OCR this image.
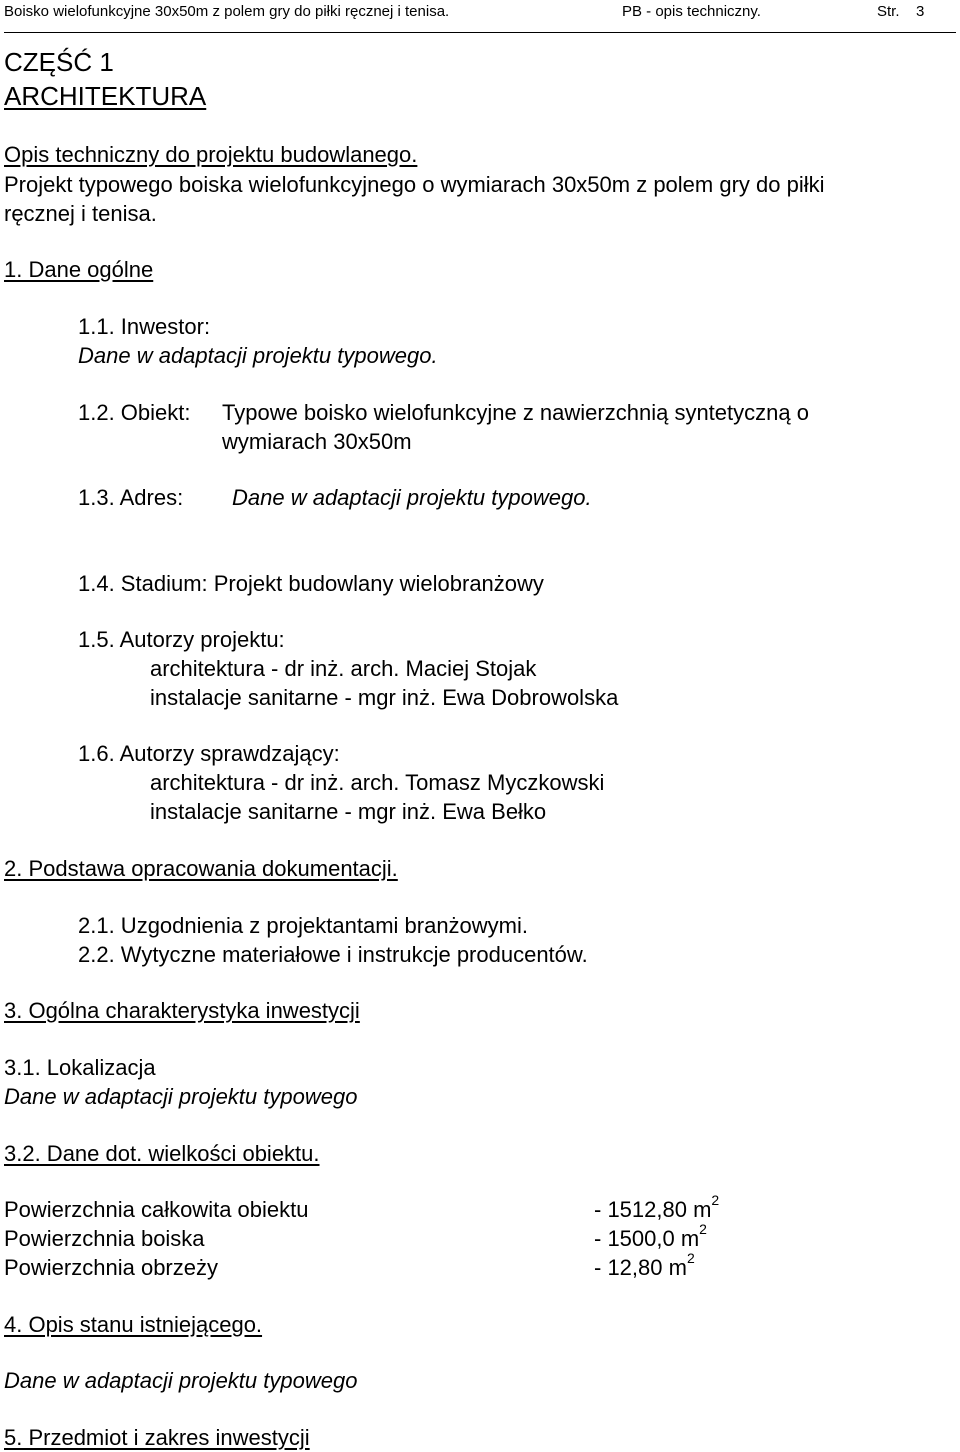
Boisko wielofunkcyjne 30x50m z polem gry do piłki ręcznej i tenisa.	PB - opis techniczny.	Str. 3
CZĘŚĆ 1
ARCHITEKTURA
Opis techniczny do projektu budowlanego.
Projekt typowego boiska wielofunkcyjnego o wymiarach 30x50m z polem gry do piłki
ręcznej i tenisa.
1. Dane ogólne
1.1. Inwestor:
Dane w adaptacji projektu typowego.
1.2. Obiekt: Typowe boisko wielofunkcyjne z nawierzchnią syntetyczną o
wymiarach 30x50m
1.3. Adres: Dane w adaptacji projektu typowego.
1.4. Stadium: Projekt budowlany wielobranżowy
1.5. Autorzy projektu:
architektura - dr inż. arch. Maciej Stojak
instalacje sanitarne - mgr inż. Ewa Dobrowolska
1.6. Autorzy sprawdzający:
architektura - dr inż. arch. Tomasz Myczkowski
instalacje sanitarne - mgr inż. Ewa Bełko
2. Podstawa opracowania dokumentacji.
2.1. Uzgodnienia z projektantami branżowymi.
2.2. Wytyczne materiałowe i instrukcje producentów.
3. Ogólna charakterystyka inwestycji
3.1. Lokalizacja
Dane w adaptacji projektu typowego
3.2. Dane dot. wielkości obiektu.
Powierzchnia całkowita obiektu	- 1512,80 $m^2$
Powierzchnia boiska	- 1500,0 $m^2$
Powierzchnia obrzeży	- 12,80 $m^2$
4. Opis stanu istniejącego.
Dane w adaptacji projektu typowego
5. Przedmiot i zakres inwestycji
